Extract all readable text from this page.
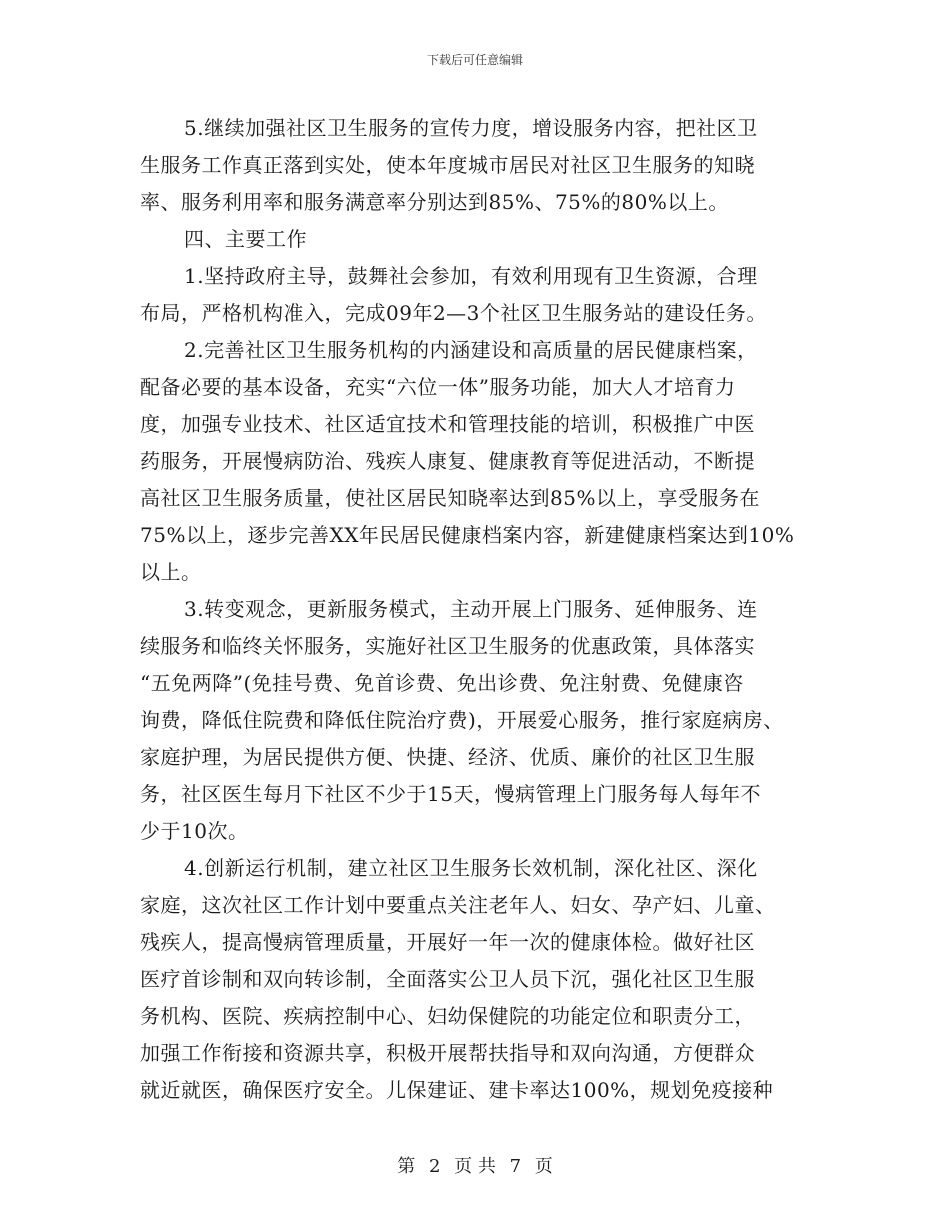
下载后可任意编辑
5.继续加强社区卫生服务的宣传力度，增设服务内容，把社区卫
生服务工作真正落到实处，使本年度城市居民对社区卫生服务的知晓
率、服务利用率和服务满意率分别达到85%、75%的80%以上。
四、主要工作
1.坚持政府主导，鼓舞社会参加，有效利用现有卫生资源，合理
布局，严格机构准入，完成09年2—3个社区卫生服务站的建设任务。
2.完善社区卫生服务机构的内涵建设和高质量的居民健康档案，
配备必要的基本设备，充实“六位一体”服务功能，加大人才培育力
度，加强专业技术、社区适宜技术和管理技能的培训，积极推广中医
药服务，开展慢病防治、残疾人康复、健康教育等促进活动，不断提
高社区卫生服务质量，使社区居民知晓率达到85%以上，享受服务在
75%以上，逐步完善XX年民居民健康档案内容，新建健康档案达到10%
以上。
3.转变观念，更新服务模式，主动开展上门服务、延伸服务、连
续服务和临终关怀服务，实施好社区卫生服务的优惠政策，具体落实
“五免两降”(免挂号费、免首诊费、免出诊费、免注射费、免健康咨
询费，降低住院费和降低住院治疗费)，开展爱心服务，推行家庭病房、
家庭护理，为居民提供方便、快捷、经济、优质、廉价的社区卫生服
务，社区医生每月下社区不少于15天，慢病管理上门服务每人每年不
少于10次。
4.创新运行机制，建立社区卫生服务长效机制，深化社区、深化
家庭，这次社区工作计划中要重点关注老年人、妇女、孕产妇、儿童、
残疾人，提高慢病管理质量，开展好一年一次的健康体检。做好社区
医疗首诊制和双向转诊制，全面落实公卫人员下沉，强化社区卫生服
务机构、医院、疾病控制中心、妇幼保健院的功能定位和职责分工，
加强工作衔接和资源共享，积极开展帮扶指导和双向沟通，方便群众
就近就医，确保医疗安全。儿保建证、建卡率达100%，规划免疫接种
第 2 页 共 7 页
